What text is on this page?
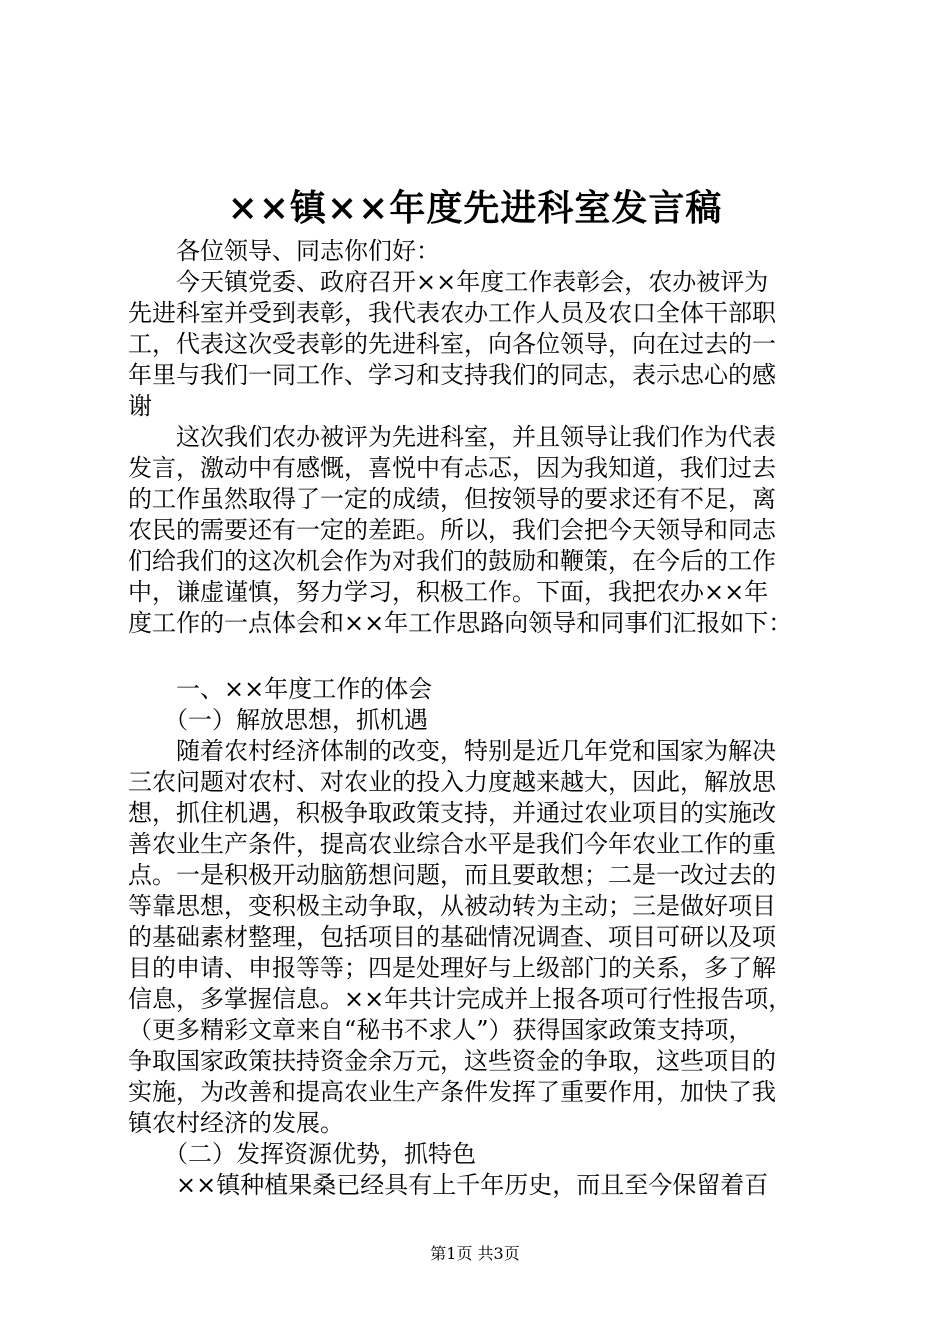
××镇××年度先进科室发言稿
　　各位领导、同志你们好：
　　今天镇党委、政府召开××年度工作表彰会，农办被评为
先进科室并受到表彰，我代表农办工作人员及农口全体干部职
工，代表这次受表彰的先进科室，向各位领导，向在过去的一
年里与我们一同工作、学习和支持我们的同志，表示忠心的感
谢
　　这次我们农办被评为先进科室，并且领导让我们作为代表
发言，激动中有感慨，喜悦中有忐忑，因为我知道，我们过去
的工作虽然取得了一定的成绩，但按领导的要求还有不足，离
农民的需要还有一定的差距。所以，我们会把今天领导和同志
们给我们的这次机会作为对我们的鼓励和鞭策，在今后的工作
中，谦虚谨慎，努力学习，积极工作。下面，我把农办××年
度工作的一点体会和××年工作思路向领导和同事们汇报如下：
　　一、××年度工作的体会
　　（一）解放思想，抓机遇
　　随着农村经济体制的改变，特别是近几年党和国家为解决
三农问题对农村、对农业的投入力度越来越大，因此，解放思
想，抓住机遇，积极争取政策支持，并通过农业项目的实施改
善农业生产条件，提高农业综合水平是我们今年农业工作的重
点。一是积极开动脑筋想问题，而且要敢想；二是一改过去的
等靠思想，变积极主动争取，从被动转为主动；三是做好项目
的基础素材整理，包括项目的基础情况调查、项目可研以及项
目的申请、申报等等；四是处理好与上级部门的关系，多了解
信息，多掌握信息。××年共计完成并上报各项可行性报告项，
（更多精彩文章来自“秘书不求人”）获得国家政策支持项，
争取国家政策扶持资金余万元，这些资金的争取，这些项目的
实施，为改善和提高农业生产条件发挥了重要作用，加快了我
镇农村经济的发展。
　　（二）发挥资源优势，抓特色
　　××镇种植果桑已经具有上千年历史，而且至今保留着百
第1页 共3页
